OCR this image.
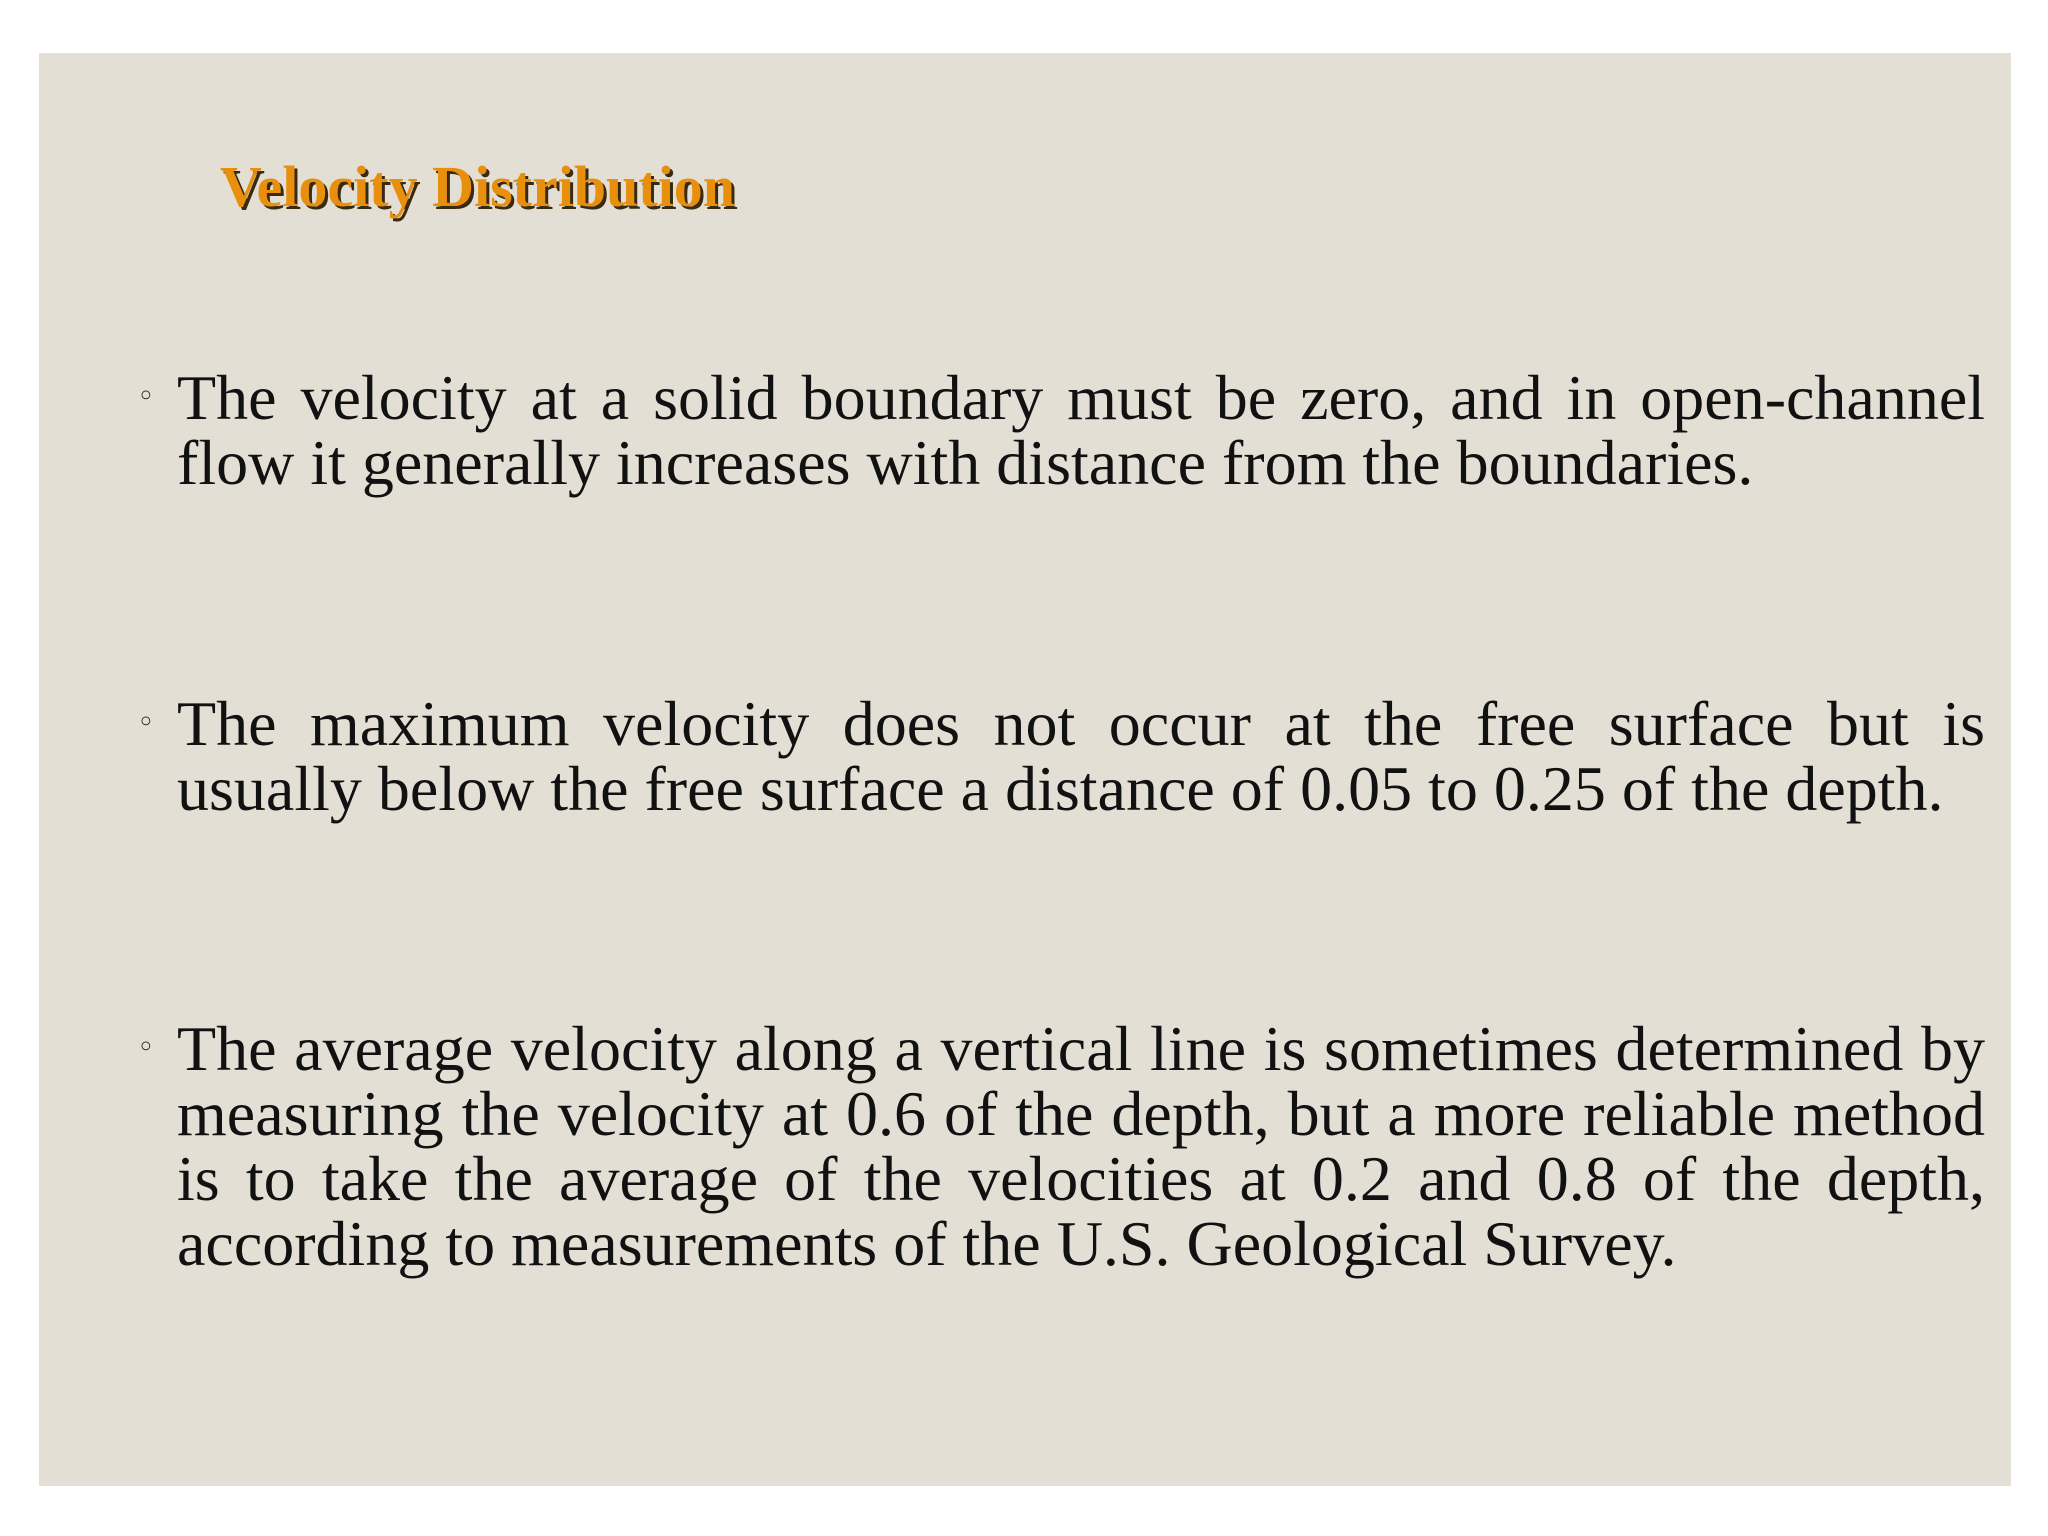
Velocity Distribution
◦ The velocity at a solid boundary must be zero, and in open-channel flow it generally increases with distance from the boundaries.

◦ The maximum velocity does not occur at the free surface but is usually below the free surface a distance of 0.05 to 0.25 of the depth.

◦ The average velocity along a vertical line is sometimes determined by measuring the velocity at 0.6 of the depth, but a more reliable method is to take the average of the velocities at 0.2 and 0.8 of the depth, according to measurements of the U.S. Geological Survey.
